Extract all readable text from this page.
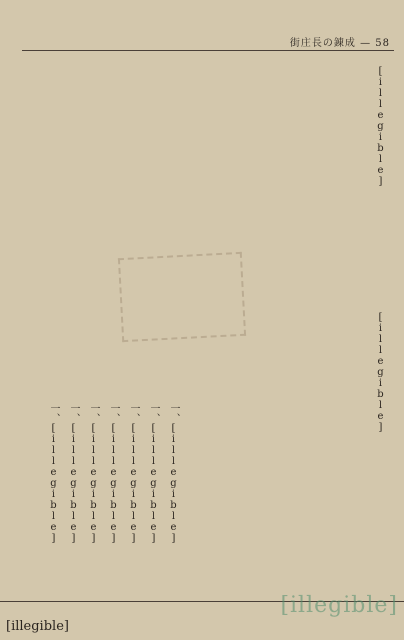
街庄長の錬成 — 58
[illegible]
[illegible]
一、[illegible]
一、[illegible]
一、[illegible]
一、[illegible]
一、[illegible]
一、[illegible]
一、[illegible]
[illegible]
[illegible]
